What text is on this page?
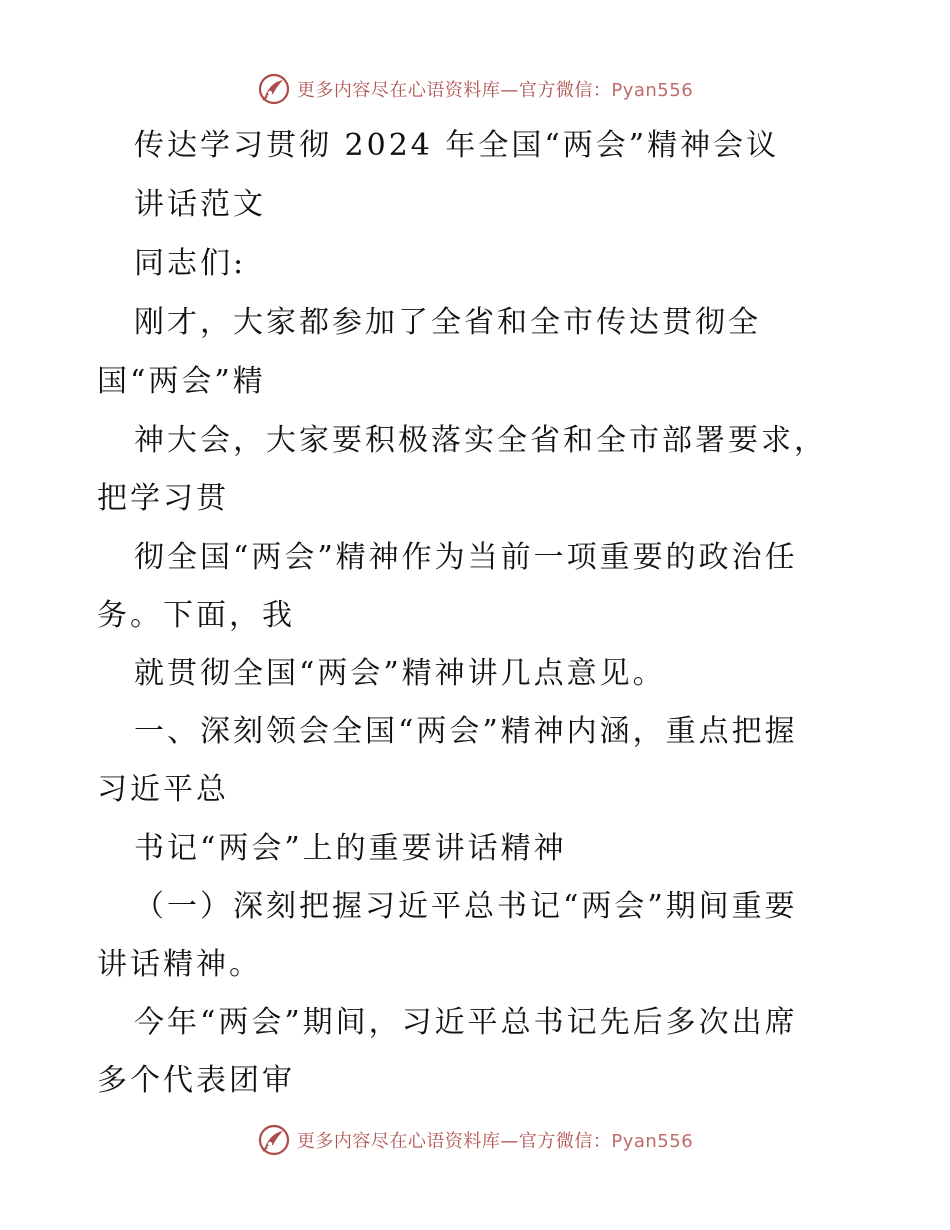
更多内容尽在心语资料库—官方微信：Pyan556
传达学习贯彻 2024 年全国“两会”精神会议
讲话范文
同志们:
刚才，大家都参加了全省和全市传达贯彻全
国“两会”精
神大会，大家要积极落实全省和全市部署要求，
把学习贯
彻全国“两会”精神作为当前一项重要的政治任
务。下面，我
就贯彻全国“两会”精神讲几点意见。
一、深刻领会全国“两会”精神内涵，重点把握
习近平总
书记“两会”上的重要讲话精神
（一）深刻把握习近平总书记“两会”期间重要
讲话精神。
今年“两会”期间，习近平总书记先后多次出席
多个代表团审
更多内容尽在心语资料库—官方微信：Pyan556
